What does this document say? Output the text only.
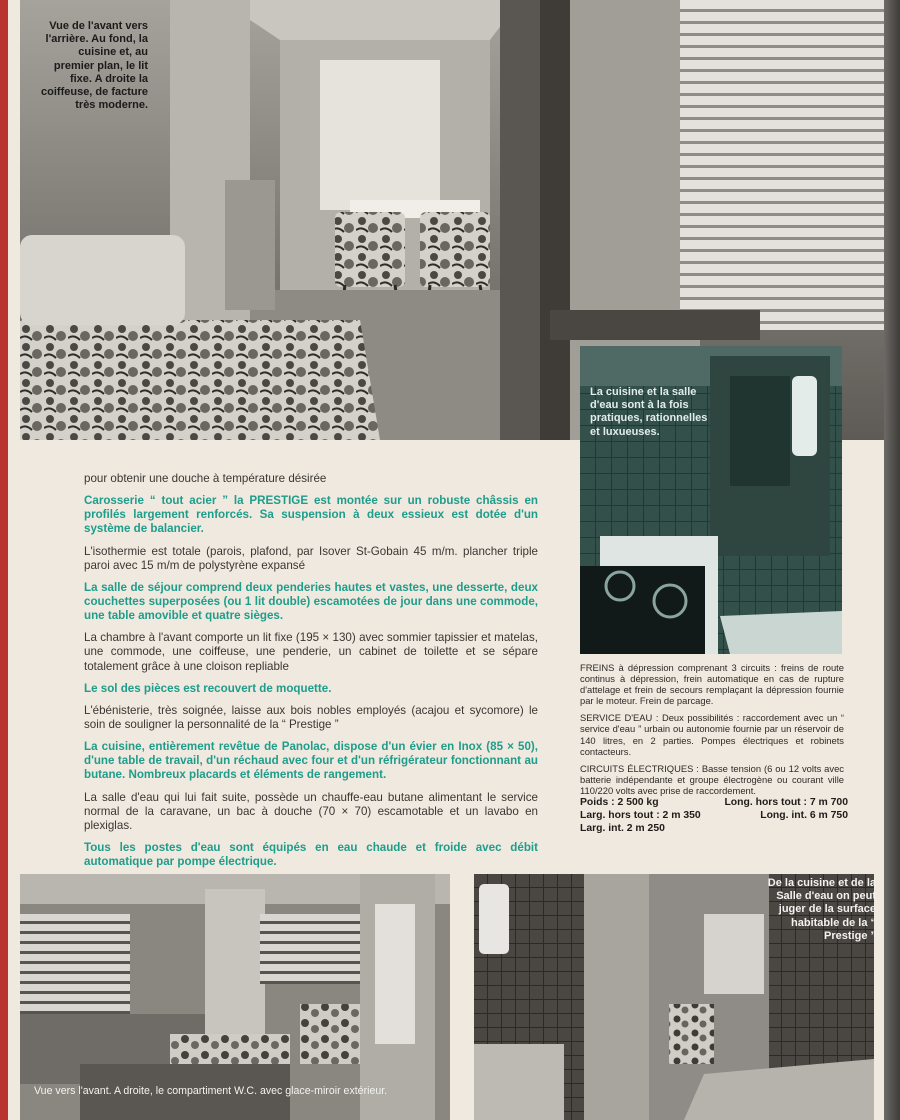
Vue de l'avant vers l'arrière. Au fond, la cuisine et, au premier plan, le lit fixe. A droite la coiffeuse, de facture très moderne.
La cuisine et la salle d'eau sont à la fois pratiques, rationnelles et luxueuses.

pour obtenir une douche à température désirée

Carosserie “ tout acier ” la PRESTIGE est montée sur un robuste châssis en profilés largement renforcés. Sa suspension à deux essieux est dotée d'un système de balancier.

L'isothermie est totale (parois, plafond, par Isover St-Gobain 45 m/m. plancher triple paroi avec 15 m/m de polystyrène expansé

La salle de séjour comprend deux penderies hautes et vastes, une desserte, deux couchettes superposées (ou 1 lit double) escamotées de jour dans une commode, une table amovible et quatre sièges.

La chambre à l'avant comporte un lit fixe (195 × 130) avec sommier tapissier et matelas, une commode, une coiffeuse, une penderie, un cabinet de toilette et se sépare totalement grâce à une cloison repliable

Le sol des pièces est recouvert de moquette.

L'ébénisterie, très soignée, laisse aux bois nobles employés (acajou et sycomore) le soin de souligner la personnalité de la “ Prestige ”

La cuisine, entièrement revêtue de Panolac, dispose d'un évier en Inox (85 × 50), d'une table de travail, d'un réchaud avec four et d'un réfrigérateur fonctionnant au butane. Nombreux placards et éléments de rangement.

La salle d'eau qui lui fait suite, possède un chauffe-eau butane alimentant le service normal de la caravane, un bac à douche (70 × 70) escamotable et un lavabo en plexiglas.

Tous les postes d'eau sont équipés en eau chaude et froide avec débit automatique par pompe électrique.

FREINS à dépression comprenant 3 circuits : freins de route continus à dépression, frein automatique en cas de rupture d'attelage et frein de secours remplaçant la dépression fournie par le moteur. Frein de parcage.

SERVICE D'EAU : Deux possibilités : raccordement avec un “ service d'eau ” urbain ou autonomie fournie par un réservoir de 140 litres, en 2 parties. Pompes électriques et robinets contacteurs.

CIRCUITS ÉLECTRIQUES : Basse tension (6 ou 12 volts avec batterie indépendante et groupe électrogène ou courant ville 110/220 volts avec prise de raccordement.

Poids : 2 500 kg	Long. hors tout : 7 m 700
Larg. hors tout : 2 m 350	Long. int. 6 m 750
Larg. int. 2 m 250
Vue vers l'avant. A droite, le compartiment W.C. avec glace-miroir extérieur.
De la cuisine et de la Salle d'eau on peut juger de la surface habitable de la “ Prestige ”
